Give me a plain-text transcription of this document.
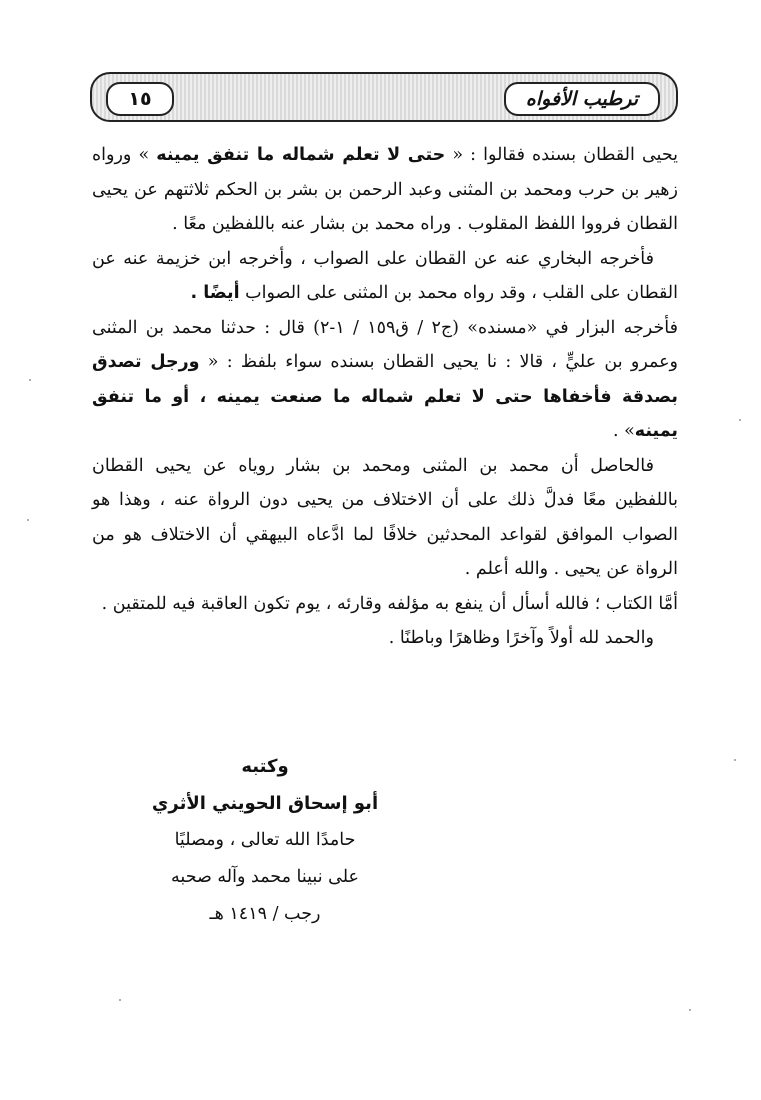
ترطيب الأفواه
١٥

يحيى القطان بسنده فقالوا : « حتى لا تعلم شماله ما تنفق يمينه » ورواه زهير بن حرب ومحمد بن المثنى وعبد الرحمن بن بشر بن الحكم ثلاثتهم عن يحيى القطان فرووا اللفظ المقلوب . وراه محمد بن بشار عنه باللفظين معًا .

فأخرجه البخاري عنه عن القطان على الصواب ، وأخرجه ابن خزيمة عنه عن القطان على القلب ، وقد رواه محمد بن المثنى على الصواب أيضًا .

فأخرجه البزار في «مسنده» (ج٢ / ق١٥٩ / ١-٢) قال : حدثنا محمد بن المثنى وعمرو بن عليٍّ ، قالا : نا يحيى القطان بسنده سواء بلفظ : « ورجل تصدق بصدقة فأخفاها حتى لا تعلم شماله ما صنعت يمينه ، أو ما تنفق يمينه» .

فالحاصل أن محمد بن المثنى ومحمد بن بشار روياه عن يحيى القطان باللفظين معًا فدلَّ ذلك على أن الاختلاف من يحيى دون الرواة عنه ، وهذا هو الصواب الموافق لقواعد المحدثين خلافًا لما ادَّعاه البيهقي أن الاختلاف هو من الرواة عن يحيى . والله أعلم .

أمَّا الكتاب ؛ فالله أسأل أن ينفع به مؤلفه وقارئه ، يوم تكون العاقبة فيه للمتقين .

والحمد لله أولاً وآخرًا وظاهرًا وباطنًا .

وكتبه
أبو إسحاق الحويني الأثري
حامدًا الله تعالى ، ومصليًا
على نبينا محمد وآله صحبه
رجب / ١٤١٩ هـ
